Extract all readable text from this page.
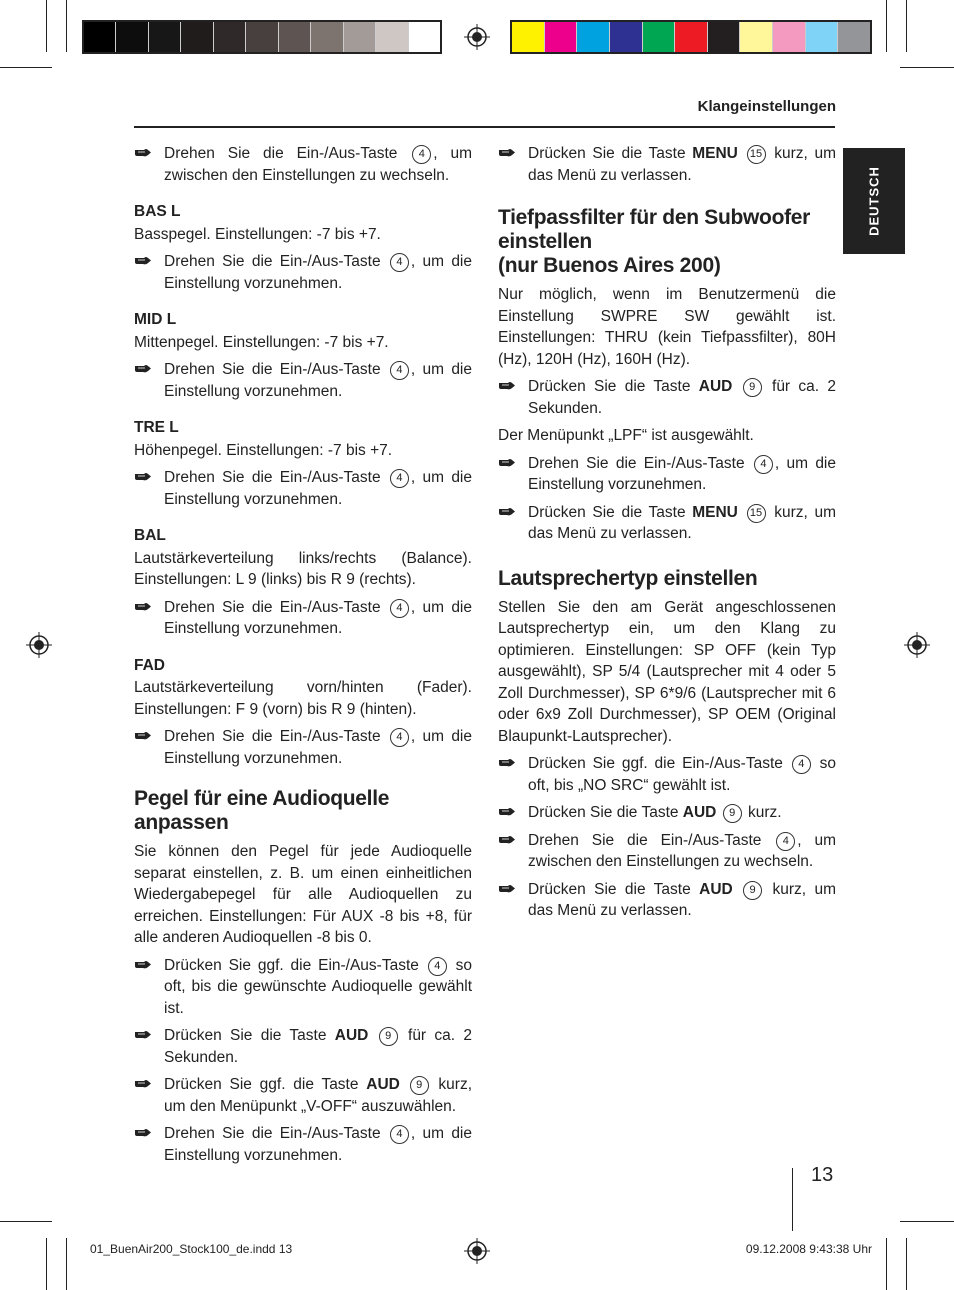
Klangeinstellungen
DEUTSCH
Drehen Sie die Ein-/Aus-Taste 4 , um zwischen den Einstellungen zu wechseln.
BAS L
Basspegel. Einstellungen: -7 bis +7.
Drehen Sie die Ein-/Aus-Taste 4 , um die Einstellung vorzunehmen.
MID L
Mittenpegel. Einstellungen: -7 bis +7.
Drehen Sie die Ein-/Aus-Taste 4 , um die Einstellung vorzunehmen.
TRE L
Höhenpegel. Einstellungen: -7 bis +7.
Drehen Sie die Ein-/Aus-Taste 4 , um die Einstellung vorzunehmen.
BAL
Lautstärkeverteilung links/rechts (Balance). Einstellungen: L 9 (links) bis R 9 (rechts).
Drehen Sie die Ein-/Aus-Taste 4 , um die Einstellung vorzunehmen.
FAD
Lautstärkeverteilung vorn/hinten (Fader). Einstellungen: F 9 (vorn) bis R 9 (hinten).
Drehen Sie die Ein-/Aus-Taste 4 , um die Einstellung vorzunehmen.
Pegel für eine Audioquelle anpassen
Sie können den Pegel für jede Audioquelle separat einstellen, z. B. um einen einheitlichen Wiedergabepegel für alle Audioquellen zu erreichen. Einstellungen: Für AUX -8 bis +8, für alle anderen Audioquellen -8 bis 0.
Drücken Sie ggf. die Ein-/Aus-Taste 4 so oft, bis die gewünschte Audioquelle gewählt ist.
Drücken Sie die Taste AUD 9 für ca. 2 Sekunden.
Drücken Sie ggf. die Taste AUD 9 kurz, um den Menüpunkt „V-OFF“ auszuwählen.
Drehen Sie die Ein-/Aus-Taste 4 , um die Einstellung vorzunehmen.
Drücken Sie die Taste MENU 15 kurz, um das Menü zu verlassen.
Tiefpassfilter für den Subwoofer einstellen
(nur Buenos Aires 200)
Nur möglich, wenn im Benutzermenü die Einstellung SWPRE SW gewählt ist. Einstellungen: THRU (kein Tiefpassfilter), 80H (Hz), 120H (Hz), 160H (Hz).
Drücken Sie die Taste AUD 9 für ca. 2 Sekunden.
Der Menüpunkt „LPF“ ist ausgewählt.
Drehen Sie die Ein-/Aus-Taste 4 , um die Einstellung vorzunehmen.
Drücken Sie die Taste MENU 15 kurz, um das Menü zu verlassen.
Lautsprechertyp einstellen
Stellen Sie den am Gerät angeschlossenen Lautsprechertyp ein, um den Klang zu optimieren. Einstellungen: SP OFF (kein Typ ausgewählt), SP 5/4 (Lautsprecher mit 4 oder 5 Zoll Durchmesser), SP 6*9/6 (Lautsprecher mit 6 oder 6x9 Zoll Durchmesser), SP OEM (Original Blaupunkt-Lautsprecher).
Drücken Sie ggf. die Ein-/Aus-Taste 4 so oft, bis „NO SRC“ gewählt ist.
Drücken Sie die Taste AUD 9 kurz.
Drehen Sie die Ein-/Aus-Taste 4 , um zwischen den Einstellungen zu wechseln.
Drücken Sie die Taste AUD 9 kurz, um das Menü zu verlassen.
13
01_BuenAir200_Stock100_de.indd 13	09.12.2008 9:43:38 Uhr
